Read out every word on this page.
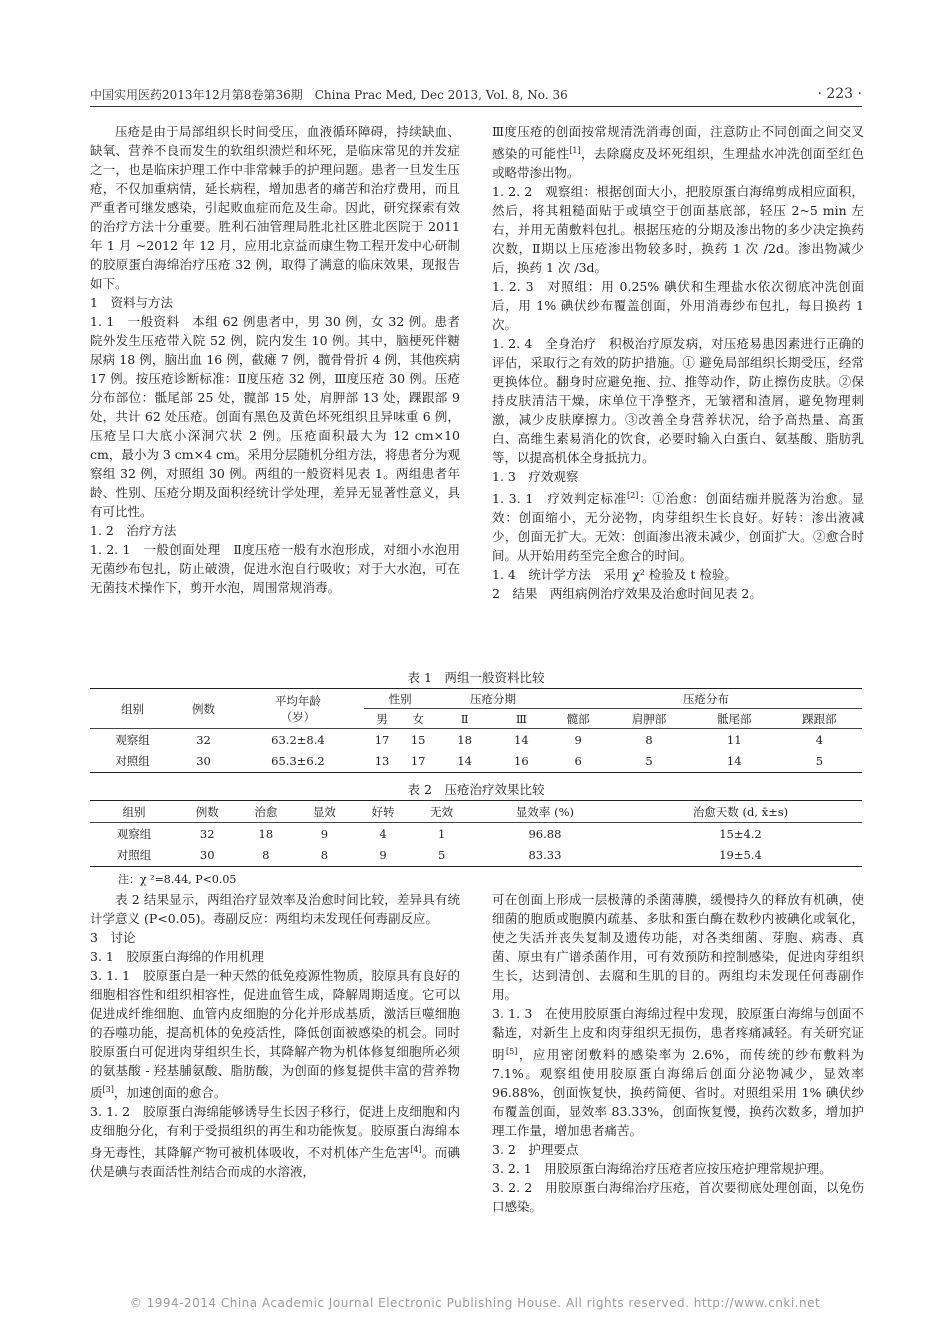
中国实用医药2013年12月第8卷第36期　China Prac Med, Dec 2013, Vol. 8, No. 36	· 223 ·

压疮是由于局部组织长时间受压，血液循环障碍，持续缺血、缺氧、营养不良而发生的软组织溃烂和坏死，是临床常见的并发症之一，也是临床护理工作中非常棘手的护理问题。患者一旦发生压疮，不仅加重病情，延长病程，增加患者的痛苦和治疗费用，而且严重者可继发感染，引起败血症而危及生命。因此，研究探索有效的治疗方法十分重要。胜利石油管理局胜北社区胜北医院于 2011 年 1 月 ~2012 年 12 月，应用北京益而康生物工程开发中心研制的胶原蛋白海绵治疗压疮 32 例，取得了满意的临床效果，现报告如下。

1　资料与方法

1. 1　一般资料　本组 62 例患者中，男 30 例，女 32 例。患者院外发生压疮带入院 52 例，院内发生 10 例。其中，脑梗死伴糖尿病 18 例，脑出血 16 例，截瘫 7 例，髋骨骨折 4 例，其他疾病 17 例。按压疮诊断标准：Ⅱ度压疮 32 例，Ⅲ度压疮 30 例。压疮分布部位：骶尾部 25 处，髋部 15 处，肩胛部 13 处，踝跟部 9 处，共计 62 处压疮。创面有黑色及黄色坏死组织且异味重 6 例，压疮呈口大底小深洞穴状 2 例。压疮面积最大为 12 cm×10 cm，最小为 3 cm×4 cm。采用分层随机分组方法，将患者分为观察组 32 例，对照组 30 例。两组的一般资料见表 1。两组患者年龄、性别、压疮分期及面积经统计学处理，差异无显著性意义，具有可比性。

1. 2　治疗方法

1. 2. 1　一般创面处理　Ⅱ度压疮一般有水泡形成，对细小水泡用无菌纱布包扎，防止破溃，促进水泡自行吸收；对于大水泡，可在无菌技术操作下，剪开水泡，周围常规消毒。

Ⅲ度压疮的创面按常规清洗消毒创面，注意防止不同创面之间交叉感染的可能性[1]，去除腐皮及坏死组织，生理盐水冲洗创面至红色或略带渗出物。

1. 2. 2　观察组：根据创面大小，把胶原蛋白海绵剪成相应面积，然后，将其粗糙面贴于或填空于创面基底部，轻压 2~5 min 左右，并用无菌敷料包扎。根据压疮的分期及渗出物的多少决定换药次数，Ⅱ期以上压疮渗出物较多时，换药 1 次 /2d。渗出物减少后，换药 1 次 /3d。

1. 2. 3　对照组：用 0.25% 碘伏和生理盐水依次彻底冲洗创面后，用 1% 碘伏纱布覆盖创面，外用消毒纱布包扎，每日换药 1 次。

1. 2. 4　全身治疗　积极治疗原发病，对压疮易患因素进行正确的评估，采取行之有效的防护措施。① 避免局部组织长期受压，经常更换体位。翻身时应避免拖、拉、推等动作，防止擦伤皮肤。②保持皮肤清洁干燥，床单位干净整齐，无皱褶和渣屑，避免物理刺激，减少皮肤摩擦力。③改善全身营养状况，给予高热量、高蛋白、高维生素易消化的饮食，必要时输入白蛋白、氨基酸、脂肪乳等，以提高机体全身抵抗力。

1. 3　疗效观察

1. 3. 1　疗效判定标准[2]：①治愈：创面结痂并脱落为治愈。显效：创面缩小，无分泌物，肉芽组织生长良好。好转：渗出液减少，创面无扩大。无效：创面渗出液未减少，创面扩大。②愈合时间。从开始用药至完全愈合的时间。

1. 4　统计学方法　采用 χ² 检验及 t 检验。

2　结果　两组病例治疗效果及治愈时间见表 2。

表 1　两组一般资料比较
组别	例数	平均年龄
（岁）	性别		压疮分期		压疮分布			
			男	女	Ⅱ	Ⅲ	髋部	肩胛部	骶尾部	踝跟部
观察组	32	63.2±8.4	17	15	18	14	9	8	11	4
对照组	30	65.3±6.2	13	17	14	16	6	5	14	5
表 2　压疮治疗效果比较
组别	例数	治愈	显效	好转	无效	显效率 (%)	治愈天数 (d, x̄±s)
观察组	32	18	9	4	1	96.88	15±4.2
对照组	30	8	8	9	5	83.33	19±5.4
注：χ ²=8.44, P<0.05

表 2 结果显示，两组治疗显效率及治愈时间比较，差异具有统计学意义 (P<0.05)。毒副反应：两组均未发现任何毒副反应。

3　讨论

3. 1　胶原蛋白海绵的作用机理

3. 1. 1　胶原蛋白是一种天然的低免疫源性物质，胶原具有良好的细胞相容性和组织相容性，促进血管生成，降解周期适度。它可以促进成纤维细胞、血管内皮细胞的分化并形成基质，激活巨噬细胞的吞噬功能，提高机体的免疫活性，降低创面被感染的机会。同时胶原蛋白可促进肉芽组织生长，其降解产物为机体修复细胞所必须的氨基酸 - 羟基脯氨酸、脂肪酸，为创面的修复提供丰富的营养物质[3]，加速创面的愈合。

3. 1. 2　胶原蛋白海绵能够诱导生长因子移行，促进上皮细胞和内皮细胞分化，有利于受损组织的再生和功能恢复。胶原蛋白海绵本身无毒性，其降解产物可被机体吸收，不对机体产生危害[4]。而碘伏是碘与表面活性剂结合而成的水溶液，

可在创面上形成一层极薄的杀菌薄膜，缓慢持久的释放有机碘，使细菌的胞质或胞膜内疏基、多肽和蛋白酶在数秒内被碘化或氧化，使之失活并丧失复制及遗传功能，对各类细菌、芽胞、病毒、真菌、原虫有广谱杀菌作用，可有效预防和控制感染，促进肉芽组织生长，达到清创、去腐和生肌的目的。两组均未发现任何毒副作用。

3. 1. 3　在使用胶原蛋白海绵过程中发现，胶原蛋白海绵与创面不黏连，对新生上皮和肉芽组织无损伤，患者疼痛减轻。有关研究证明[5]，应用密闭敷料的感染率为 2.6%，而传统的纱布敷料为 7.1%。观察组使用胶原蛋白海绵后创面分泌物减少，显效率 96.88%，创面恢复快，换药简便、省时。对照组采用 1% 碘伏纱布覆盖创面，显效率 83.33%，创面恢复慢，换药次数多，增加护理工作量，增加患者痛苦。

3. 2　护理要点

3. 2. 1　用胶原蛋白海绵治疗压疮者应按压疮护理常规护理。

3. 2. 2　用胶原蛋白海绵治疗压疮，首次要彻底处理创面，以免伤口感染。

© 1994-2014 China Academic Journal Electronic Publishing House. All rights reserved. http://www.cnki.net
